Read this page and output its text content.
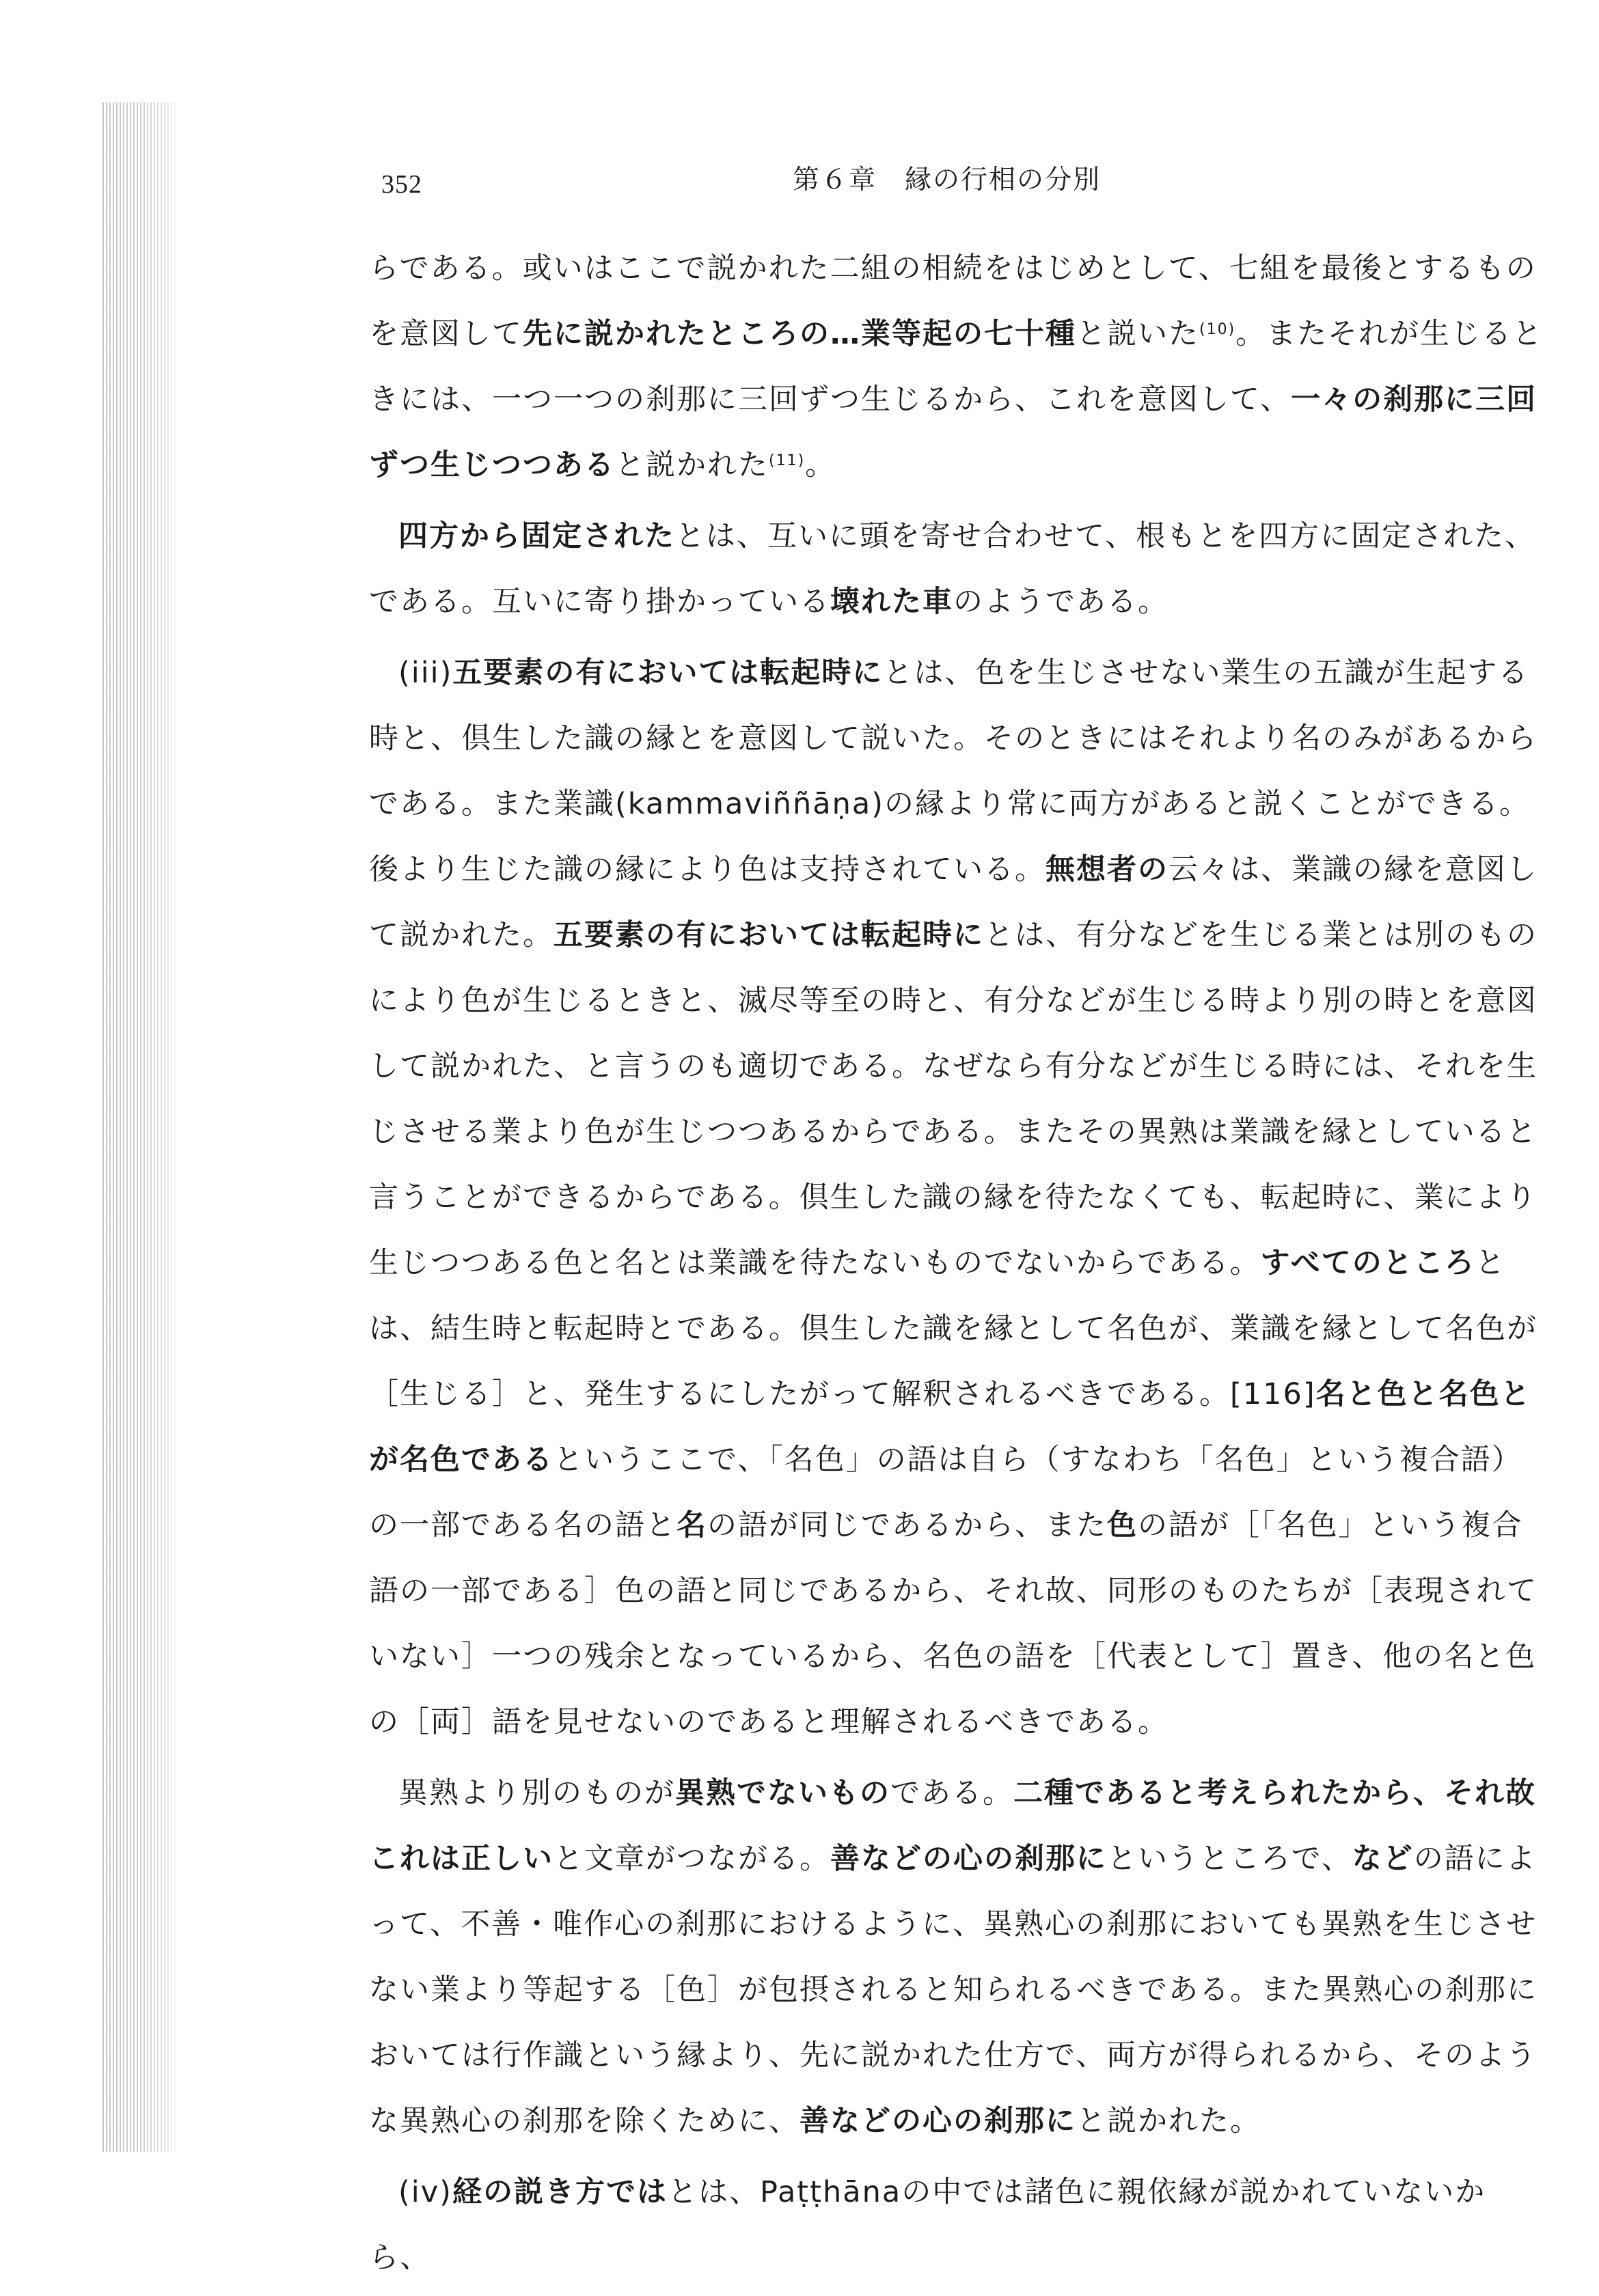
352	第６章　縁の行相の分別

らである。或いはここで説かれた二組の相続をはじめとして、七組を最後とするものを意図して先に説かれたところの…業等起の七十種と説いた$^{(10)}$。またそれが生じるときには、一つ一つの刹那に三回ずつ生じるから、これを意図して、一々の刹那に三回ずつ生じつつあると説かれた$^{(11)}$。

四方から固定されたとは、互いに頭を寄せ合わせて、根もとを四方に固定された、である。互いに寄り掛かっている壊れた車のようである。

(iii)五要素の有においては転起時にとは、色を生じさせない業生の五識が生起する時と、倶生した識の縁とを意図して説いた。そのときにはそれより名のみがあるからである。また業識(kammaviññāṇa)の縁より常に両方があると説くことができる。後より生じた識の縁により色は支持されている。無想者の云々は、業識の縁を意図して説かれた。五要素の有においては転起時にとは、有分などを生じる業とは別のものにより色が生じるときと、滅尽等至の時と、有分などが生じる時より別の時とを意図して説かれた、と言うのも適切である。なぜなら有分などが生じる時には、それを生じさせる業より色が生じつつあるからである。またその異熟は業識を縁としていると言うことができるからである。倶生した識の縁を待たなくても、転起時に、業により生じつつある色と名とは業識を待たないものでないからである。すべてのところとは、結生時と転起時とである。倶生した識を縁として名色が、業識を縁として名色が［生じる］と、発生するにしたがって解釈されるべきである。[116]名と色と名色とが名色であるというここで、「名色」の語は自ら（すなわち「名色」という複合語）の一部である名の語と名の語が同じであるから、また色の語が［「名色」という複合語の一部である］色の語と同じであるから、それ故、同形のものたちが［表現されていない］一つの残余となっているから、名色の語を［代表として］置き、他の名と色の［両］語を見せないのであると理解されるべきである。

異熟より別のものが異熟でないものである。二種であると考えられたから、それ故これは正しいと文章がつながる。善などの心の刹那にというところで、などの語によって、不善・唯作心の刹那におけるように、異熟心の刹那においても異熟を生じさせない業より等起する［色］が包摂されると知られるべきである。また異熟心の刹那においては行作識という縁より、先に説かれた仕方で、両方が得られるから、そのような異熟心の刹那を除くために、善などの心の刹那にと説かれた。

(iv)経の説き方ではとは、Paṭṭhānaの中では諸色に親依縁が説かれていないから、
